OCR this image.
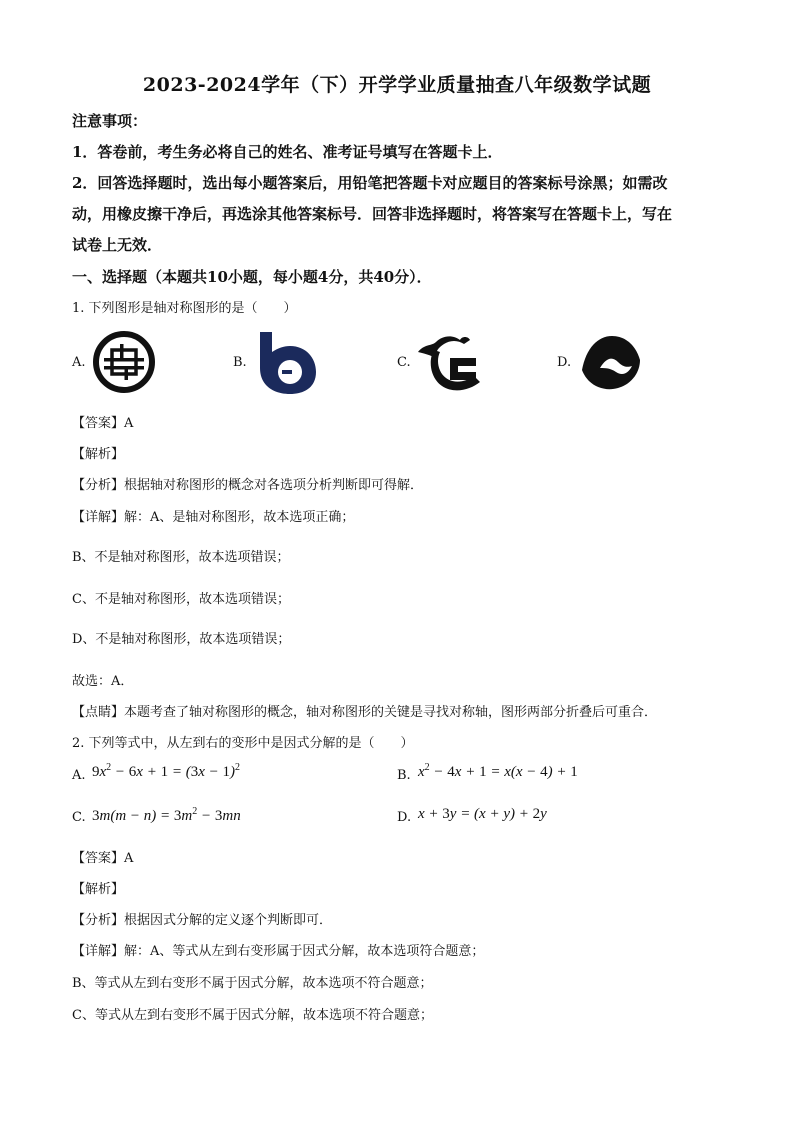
2023-2024学年（下）开学学业质量抽查八年级数学试题
注意事项：
1．答卷前，考生务必将自己的姓名、准考证号填写在答题卡上．
2．回答选择题时，选出每小题答案后，用铅笔把答题卡对应题目的答案标号涂黑；如需改
动，用橡皮擦干净后，再选涂其他答案标号．回答非选择题时，将答案写在答题卡上，写在
试卷上无效．
一、选择题（本题共10小题，每小题4分，共40分）．
1. 下列图形是轴对称图形的是（　　）
A.	B.	C.	D.
【答案】A
【解析】
【分析】根据轴对称图形的概念对各选项分析判断即可得解．
【详解】解：A、是轴对称图形，故本选项正确；
B、不是轴对称图形，故本选项错误；
C、不是轴对称图形，故本选项错误；
D、不是轴对称图形，故本选项错误；
故选：A．
【点睛】本题考查了轴对称图形的概念，轴对称图形的关键是寻找对称轴，图形两部分折叠后可重合．
2. 下列等式中，从左到右的变形中是因式分解的是（　　）
A. $9x^2 - 6x + 1 = (3x - 1)^2$
B. $x^2 - 4x + 1 = x(x - 4) + 1$
C. $3m(m - n) = 3m^2 - 3mn$	D. x + 3y = (x + y) + 2y
【答案】A
【解析】
【分析】根据因式分解的定义逐个判断即可．
【详解】解：A、等式从左到右变形属于因式分解，故本选项符合题意；
B、等式从左到右变形不属于因式分解，故本选项不符合题意；
C、等式从左到右变形不属于因式分解，故本选项不符合题意；
